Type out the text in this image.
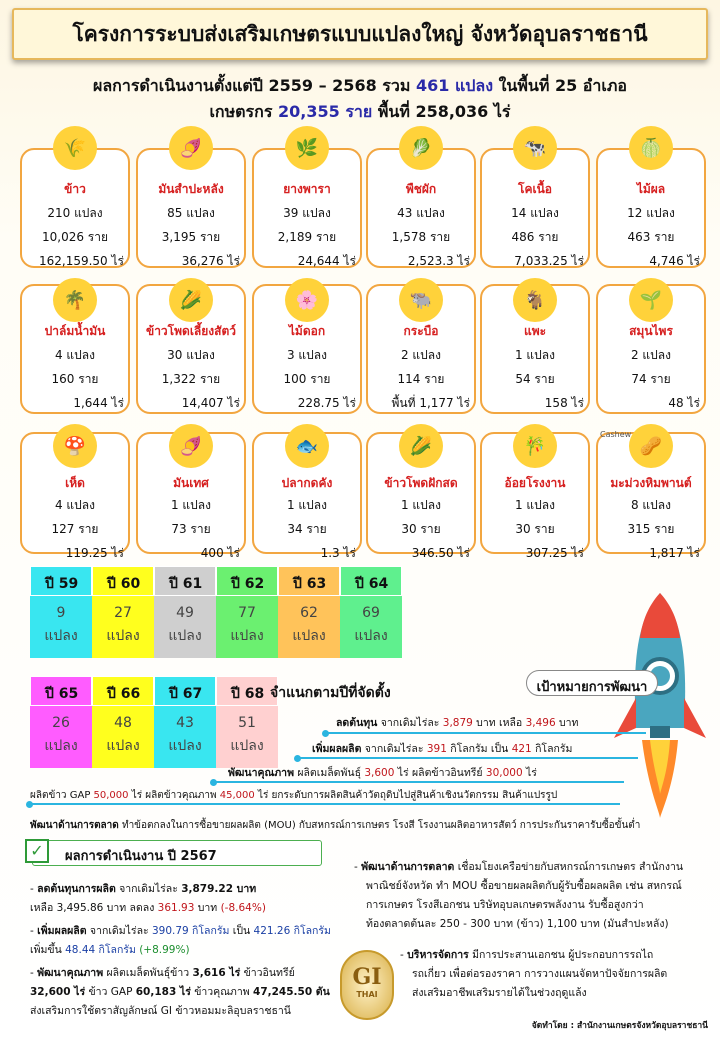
โครงการระบบส่งเสริมเกษตรแบบแปลงใหญ่ จังหวัดอุบลราชธานี
ผลการดำเนินงานตั้งแต่ปี 2559 – 2568 รวม 461 แปลง ในพื้นที่ 25 อำเภอ
เกษตรกร 20,355 ราย พื้นที่ 258,036 ไร่
ข้าว
210 แปลง
10,026 ราย
162,159.50 ไร่
🌾
มันสำปะหลัง
85 แปลง
3,195 ราย
36,276 ไร่
🍠
ยางพารา
39 แปลง
2,189 ราย
24,644 ไร่
🌿
พืชผัก
43 แปลง
1,578 ราย
2,523.3 ไร่
🥬
โคเนื้อ
14 แปลง
486 ราย
7,033.25 ไร่
🐄
ไม้ผล
12 แปลง
463 ราย
4,746 ไร่
🍈
ปาล์มน้ำมัน
4 แปลง
160 ราย
1,644 ไร่
🌴
ข้าวโพดเลี้ยงสัตว์
30 แปลง
1,322 ราย
14,407 ไร่
🌽
ไม้ดอก
3 แปลง
100 ราย
228.75 ไร่
🌸
กระบือ
2 แปลง
114 ราย
พื้นที่ 1,177 ไร่
🐃
แพะ
1 แปลง
54 ราย
158 ไร่
🐐
สมุนไพร
2 แปลง
74 ราย
48 ไร่
🌱
เห็ด
4 แปลง
127 ราย
119.25 ไร่
🍄
มันเทศ
1 แปลง
73 ราย
400 ไร่
🍠
ปลากดคัง
1 แปลง
34 ราย
1.3 ไร่
🐟
ข้าวโพดฝักสด
1 แปลง
30 ราย
346.50 ไร่
🌽
อ้อยโรงงาน
1 แปลง
30 ราย
307.25 ไร่
🎋
มะม่วงหิมพานต์
8 แปลง
315 ราย
1,817 ไร่
🥜
Cashew
ปี 59
9
แปลง
ปี 60
27
แปลง
ปี 61
49
แปลง
ปี 62
77
แปลง
ปี 63
62
แปลง
ปี 64
69
แปลง
ปี 65
26
แปลง
ปี 66
48
แปลง
ปี 67
43
แปลง
ปี 68
51
แปลง
จำแนกตามปีที่จัดตั้ง	เป้าหมายการพัฒนา
ลดต้นทุน จากเดิมไร่ละ 3,879 บาท เหลือ 3,496 บาท
เพิ่มผลผลิต จากเดิมไร่ละ 391 กิโลกรัม เป็น 421 กิโลกรัม
พัฒนาคุณภาพ ผลิตเมล็ดพันธุ์ 3,600 ไร่ ผลิตข้าวอินทรีย์ 30,000 ไร่
ผลิตข้าว GAP 50,000 ไร่ ผลิตข้าวคุณภาพ 45,000 ไร่ ยกระดับการผลิตสินค้าวัตถุดิบไปสู่สินค้าเชิงนวัตกรรม สินค้าแปรรูป
พัฒนาด้านการตลาด ทำข้อตกลงในการซื้อขายผลผลิต (MOU) กับสหกรณ์การเกษตร โรงสี โรงงานผลิตอาหารสัตว์ การประกันราคารับซื้อขั้นต่ำ
✓	ผลการดำเนินงาน ปี 2567
- ลดต้นทุนการผลิต จากเดิมไร่ละ 3,879.22 บาท
เหลือ 3,495.86 บาท ลดลง 361.93 บาท (-8.64%)
- เพิ่มผลผลิต จากเดิมไร่ละ 390.79 กิโลกรัม เป็น 421.26 กิโลกรัม
เพิ่มขึ้น 48.44 กิโลกรัม (+8.99%)
- พัฒนาคุณภาพ ผลิตเมล็ดพันธุ์ข้าว 3,616 ไร่ ข้าวอินทรีย์
32,600 ไร่ ข้าว GAP 60,183 ไร่ ข้าวคุณภาพ 47,245.50 ตัน
ส่งเสริมการใช้ตราสัญลักษณ์ GI ข้าวหอมมะลิอุบลราชธานี
- พัฒนาด้านการตลาด เชื่อมโยงเครือข่ายกับสหกรณ์การเกษตร สำนักงาน
พาณิชย์จังหวัด ทำ MOU ซื้อขายผลผลิตกับผู้รับซื้อผลผลิต เช่น สหกรณ์
การเกษตร โรงสีเอกชน บริษัทอุบลเกษตรพลังงาน รับซื้อสูงกว่า
ท้องตลาดต้นละ 250 - 300 บาท (ข้าว) 1,100 บาท (มันสำปะหลัง)
- บริหารจัดการ มีการประสานเอกชน ผู้ประกอบการรถไถ
รถเกี่ยว เพื่อต่อรองราคา การวางแผนจัดหาปัจจัยการผลิต
ส่งเสริมอาชีพเสริมรายได้ในช่วงฤดูแล้ง
GI
THAI
จัดทำโดย : สำนักงานเกษตรจังหวัดอุบลราชธานี
